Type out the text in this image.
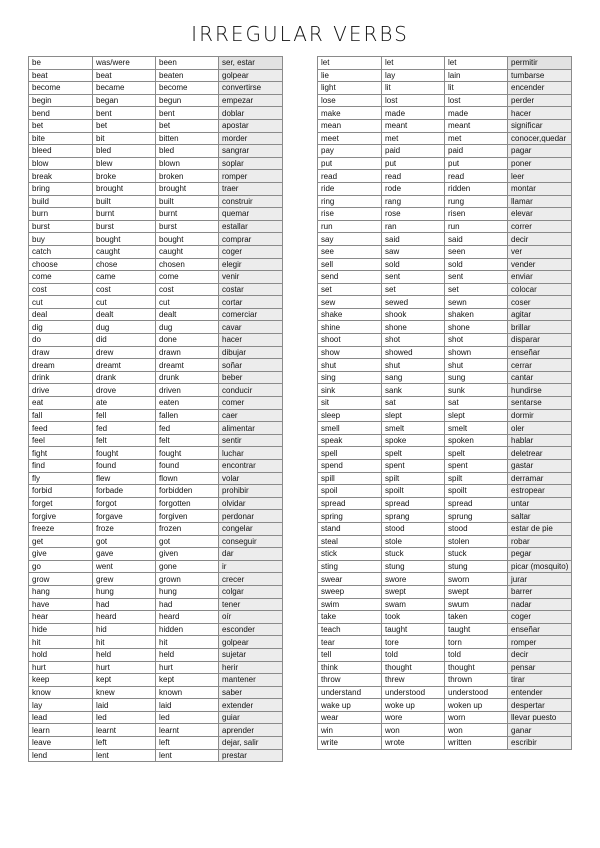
IRREGULAR VERBS
be	was/were	been	ser, estar
beat	beat	beaten	golpear
become	became	become	convertirse
begin	began	begun	empezar
bend	bent	bent	doblar
bet	bet	bet	apostar
bite	bit	bitten	morder
bleed	bled	bled	sangrar
blow	blew	blown	soplar
break	broke	broken	romper
bring	brought	brought	traer
build	built	built	construir
burn	burnt	burnt	quemar
burst	burst	burst	estallar
buy	bought	bought	comprar
catch	caught	caught	coger
choose	chose	chosen	elegir
come	came	come	venir
cost	cost	cost	costar
cut	cut	cut	cortar
deal	dealt	dealt	comerciar
dig	dug	dug	cavar
do	did	done	hacer
draw	drew	drawn	dibujar
dream	dreamt	dreamt	soñar
drink	drank	drunk	beber
drive	drove	driven	conducir
eat	ate	eaten	comer
fall	fell	fallen	caer
feed	fed	fed	alimentar
feel	felt	felt	sentir
fight	fought	fought	luchar
find	found	found	encontrar
fly	flew	flown	volar
forbid	forbade	forbidden	prohibir
forget	forgot	forgotten	olvidar
forgive	forgave	forgiven	perdonar
freeze	froze	frozen	congelar
get	got	got	conseguir
give	gave	given	dar
go	went	gone	ir
grow	grew	grown	crecer
hang	hung	hung	colgar
have	had	had	tener
hear	heard	heard	oír
hide	hid	hidden	esconder
hit	hit	hit	golpear
hold	held	held	sujetar
hurt	hurt	hurt	herir
keep	kept	kept	mantener
know	knew	known	saber
lay	laid	laid	extender
lead	led	led	guiar
learn	learnt	learnt	aprender
leave	left	left	dejar, salir
lend	lent	lent	prestar
let	let	let	permitir
lie	lay	lain	tumbarse
light	lit	lit	encender
lose	lost	lost	perder
make	made	made	hacer
mean	meant	meant	significar
meet	met	met	conocer,quedar
pay	paid	paid	pagar
put	put	put	poner
read	read	read	leer
ride	rode	ridden	montar
ring	rang	rung	llamar
rise	rose	risen	elevar
run	ran	run	correr
say	said	said	decir
see	saw	seen	ver
sell	sold	sold	vender
send	sent	sent	enviar
set	set	set	colocar
sew	sewed	sewn	coser
shake	shook	shaken	agitar
shine	shone	shone	brillar
shoot	shot	shot	disparar
show	showed	shown	enseñar
shut	shut	shut	cerrar
sing	sang	sung	cantar
sink	sank	sunk	hundirse
sit	sat	sat	sentarse
sleep	slept	slept	dormir
smell	smelt	smelt	oler
speak	spoke	spoken	hablar
spell	spelt	spelt	deletrear
spend	spent	spent	gastar
spill	spilt	spilt	derramar
spoil	spoilt	spoilt	estropear
spread	spread	spread	untar
spring	sprang	sprung	saltar
stand	stood	stood	estar de pie
steal	stole	stolen	robar
stick	stuck	stuck	pegar
sting	stung	stung	picar (mosquito)
swear	swore	sworn	jurar
sweep	swept	swept	barrer
swim	swam	swum	nadar
take	took	taken	coger
teach	taught	taught	enseñar
tear	tore	torn	romper
tell	told	told	decir
think	thought	thought	pensar
throw	threw	thrown	tirar
understand	understood	understood	entender
wake up	woke up	woken up	despertar
wear	wore	worn	llevar puesto
win	won	won	ganar
write	wrote	written	escribir
